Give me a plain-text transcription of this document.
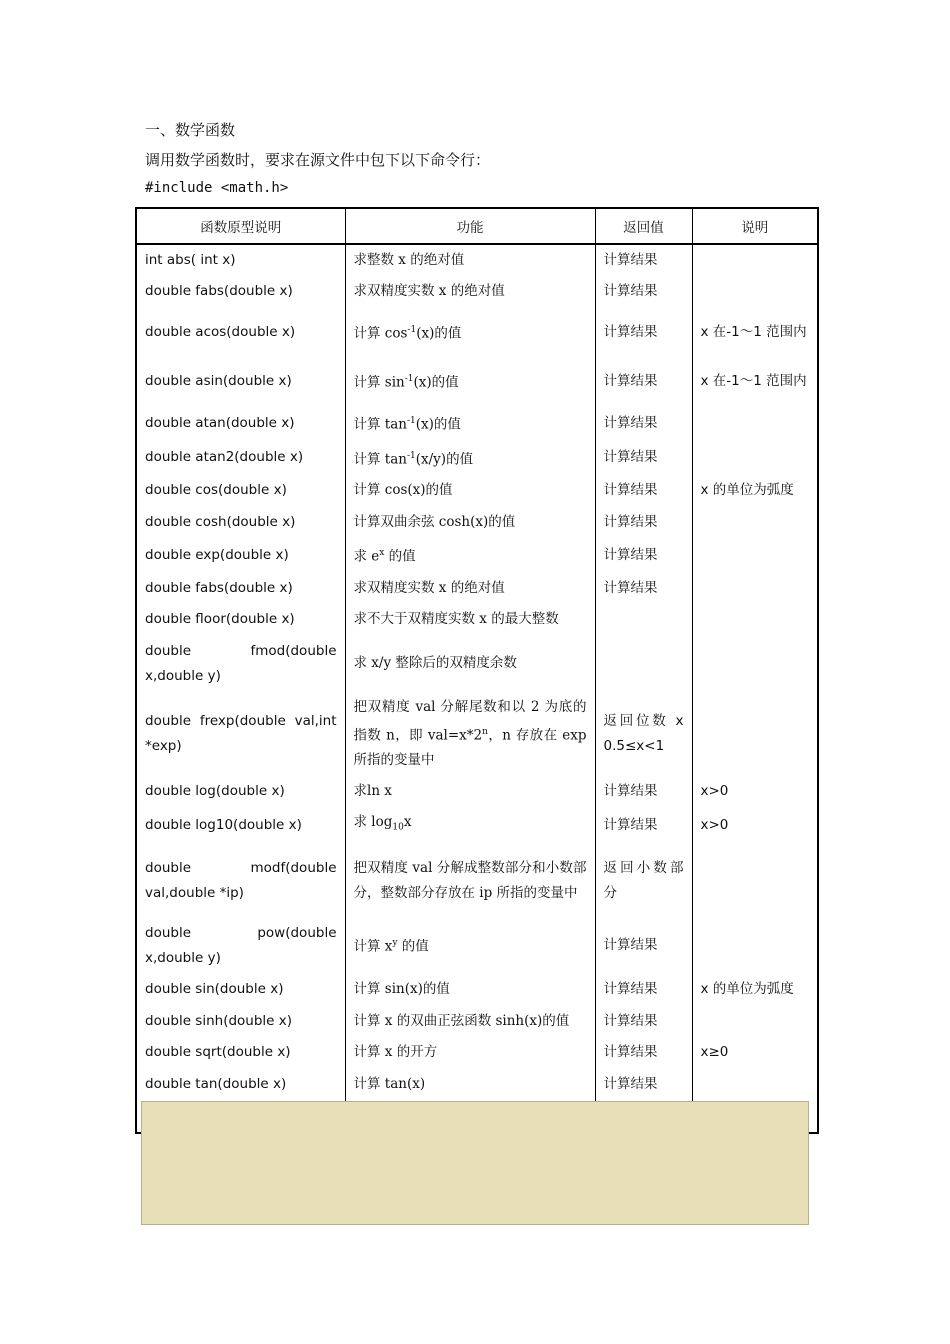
一、数学函数
调用数学函数时，要求在源文件中包下以下命令行：
#include <math.h>
函数原型说明	功能	返回值	说明
int abs( int x)	求整数 x 的绝对值	计算结果	
double fabs(double x)	求双精度实数 x 的绝对值	计算结果	
double acos(double x)	计算 $\cos^{-1}(x)$的值	计算结果	x 在-1～1 范围内
double asin(double x)	计算 $\sin^{-1}(x)$的值	计算结果	x 在-1～1 范围内
double atan(double x)	计算 $\tan^{-1}(x)$的值	计算结果	
double atan2(double x)	计算 $\tan^{-1}(x/y)$的值	计算结果	
double cos(double x)	计算 cos(x)的值	计算结果	x 的单位为弧度
double cosh(double x)	计算双曲余弦 cosh(x)的值	计算结果	
double exp(double x)	求 $e^x$ 的值	计算结果	
double fabs(double x)	求双精度实数 x 的绝对值	计算结果	
double floor(double x)	求不大于双精度实数 x 的最大整数		
double fmod(double x,double y)	求 x/y 整除后的双精度余数		
double frexp(double val,int *exp)	把双精度 val 分解尾数和以 2 为底的指数 n，即 $val=x*2^n$，n 存放在 exp 所指的变量中	返回位数 x 0.5≤x<1	
double log(double x)	求ln x	计算结果	x>0
double log10(double x)	求 $\log_{10}x$	计算结果	x>0
double modf(double val,double *ip)	把双精度 val 分解成整数部分和小数部分，整数部分存放在 ip 所指的变量中	返回小数部分	
double pow(double x,double y)	计算 $x^y$ 的值	计算结果	
double sin(double x)	计算 sin(x)的值	计算结果	x 的单位为弧度
double sinh(double x)	计算 x 的双曲正弦函数 sinh(x)的值	计算结果	
double sqrt(double x)	计算 x 的开方	计算结果	x≥0
double tan(double x)	计算 tan(x)	计算结果	
